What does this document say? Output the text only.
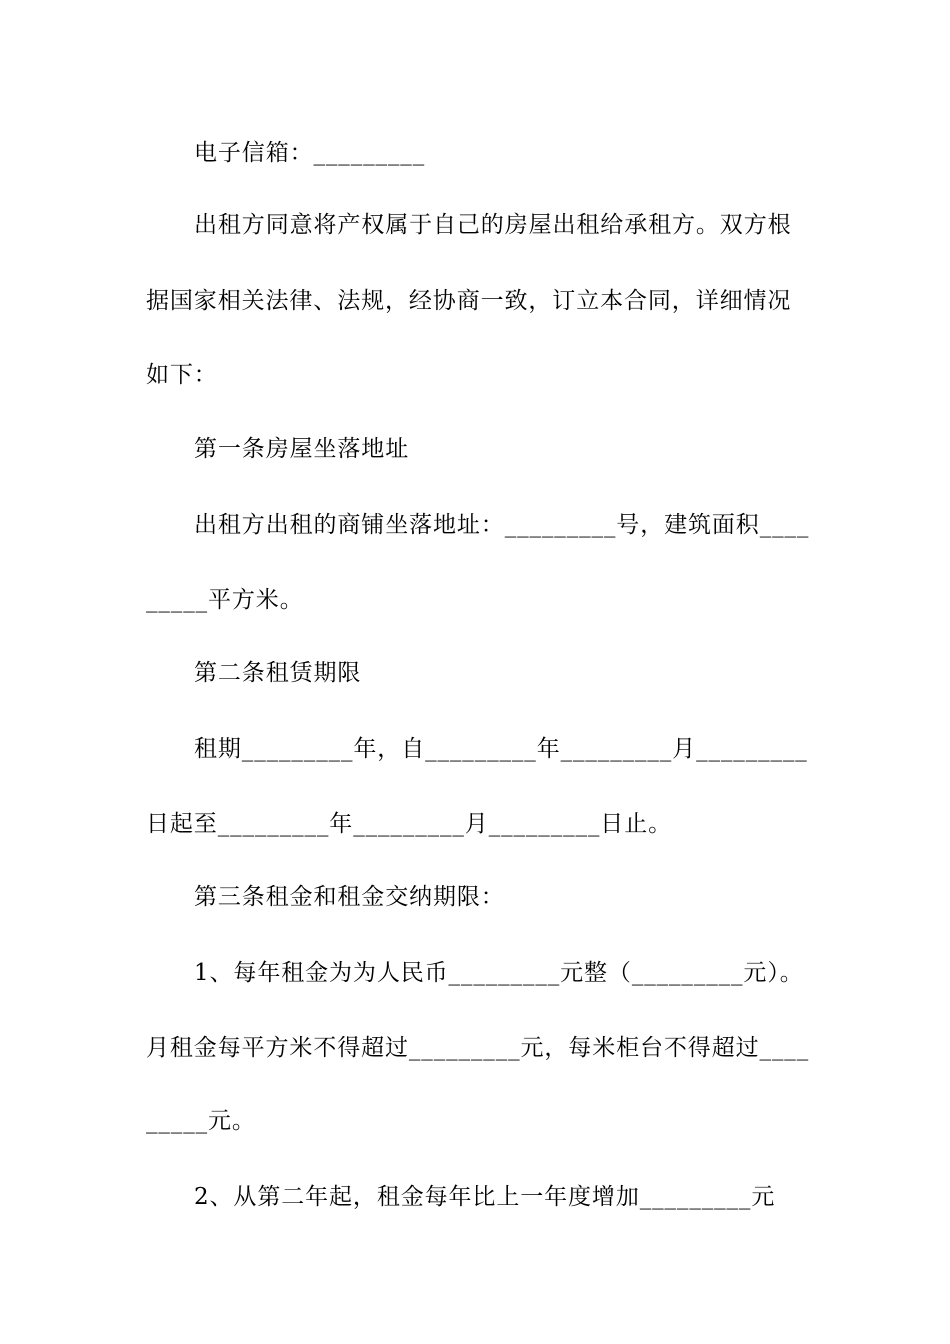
电子信箱：_________
出租方同意将产权属于自己的房屋出租给承租方。双方根
据国家相关法律、法规，经协商一致，订立本合同，详细情况
如下：
第一条房屋坐落地址
出租方出租的商铺坐落地址：_________号，建筑面积____
_____平方米。
第二条租赁期限
租期_________年，自_________年_________月_________
日起至_________年_________月_________日止。
第三条租金和租金交纳期限：
1、每年租金为为人民币_________元整（_________元）。
月租金每平方米不得超过_________元，每米柜台不得超过____
_____元。
2、从第二年起，租金每年比上一年度增加_________元
